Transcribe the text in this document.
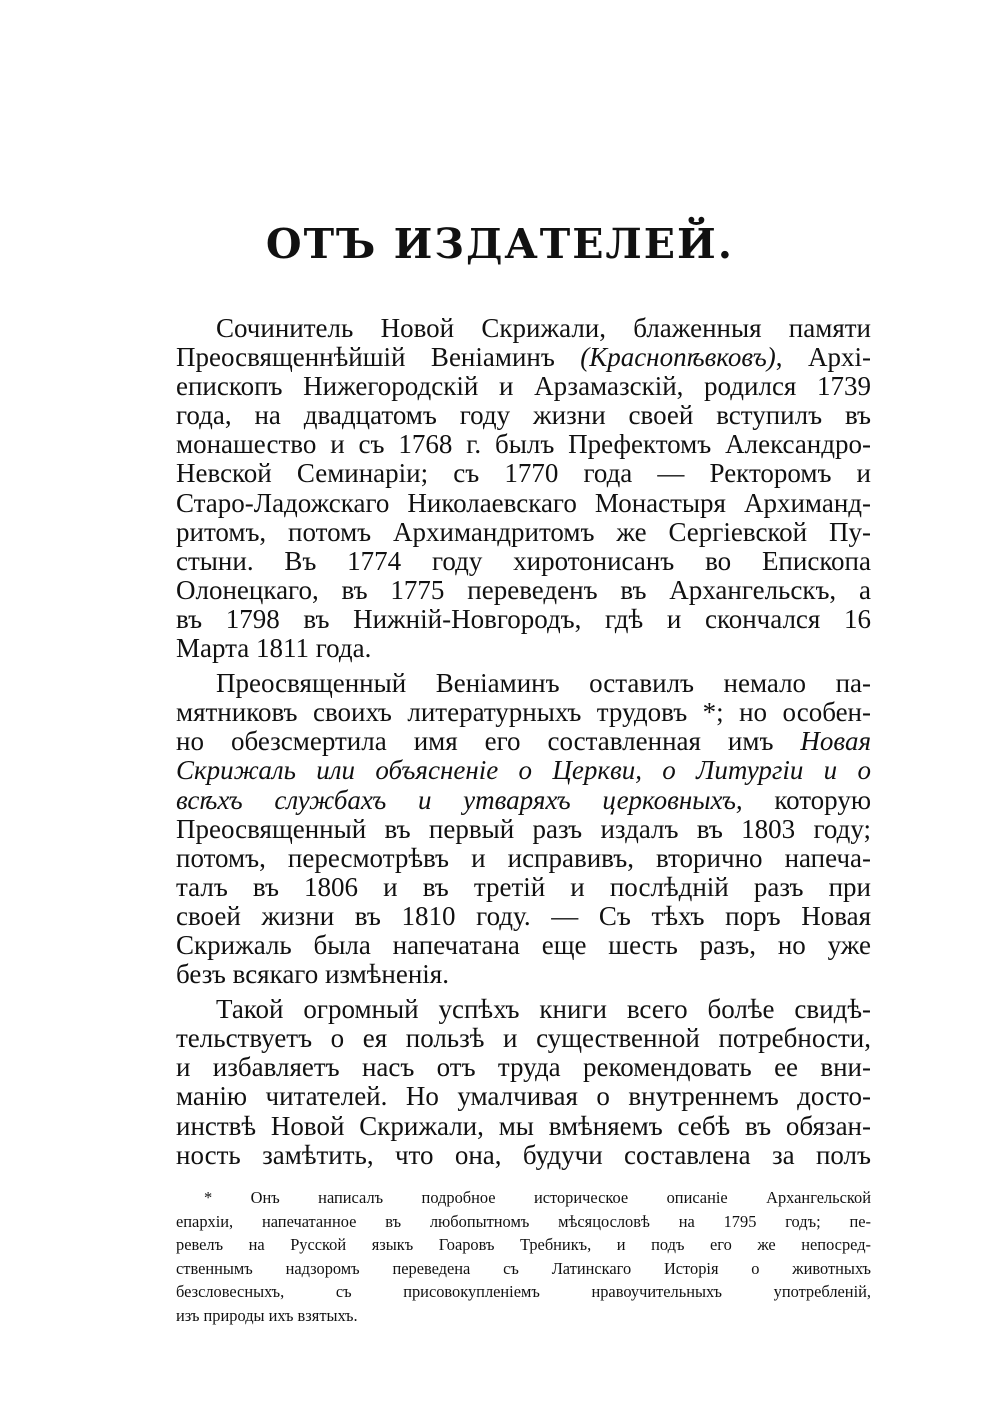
ОТЪ ИЗДАТЕЛЕЙ.
Сочинитель Новой Скрижали, блаженныя памяти
Преосвященнѣйшій Веніаминъ (Краснопѣвковъ), Архі-
епископъ Нижегородскій и Арзамазскій, родился 1739
года, на двадцатомъ году жизни своей вступилъ въ
монашество и съ 1768 г. былъ Префектомъ Александро-
Невской Семинаріи; съ 1770 года — Ректоромъ и
Старо-Ладожскаго Николаевскаго Монастыря Архиманд-
ритомъ, потомъ Архимандритомъ же Сергіевской Пу-
стыни. Въ 1774 году хиротонисанъ во Епископа
Олонецкаго, въ 1775 переведенъ въ Архангельскъ, а
въ 1798 въ Нижній-Новгородъ, гдѣ и скончался 16
Марта 1811 года.
Преосвященный Веніаминъ оставилъ немало па-
мятниковъ своихъ литературныхъ трудовъ *; но особен-
но обезсмертила имя его составленная имъ Новая
Скрижаль или объясненіе о Церкви, о Литургіи и о
всѣхъ службахъ и утваряхъ церковныхъ, которую
Преосвященный въ первый разъ издалъ въ 1803 году;
потомъ, пересмотрѣвъ и исправивъ, вторично напеча-
талъ въ 1806 и въ третій и послѣдній разъ при
своей жизни въ 1810 году. — Съ тѣхъ поръ Новая
Скрижаль была напечатана еще шесть разъ, но уже
безъ всякаго измѣненія.
Такой огромный успѣхъ книги всего болѣе свидѣ-
тельствуетъ о ея пользѣ и существенной потребности,
и избавляетъ насъ отъ труда рекомендовать ее вни-
манію читателей. Но умалчивая о внутреннемъ досто-
инствѣ Новой Скрижали, мы вмѣняемъ себѣ въ обязан-
ность замѣтить, что она, будучи составлена за полъ
* Онъ написалъ подробное историческое описаніе Архангельской
епархіи, напечатанное въ любопытномъ мѣсяцословѣ на 1795 годъ; пе-
ревелъ на Русской языкъ Гоаровъ Требникъ, и подъ его же непосред-
ственнымъ надзоромъ переведена съ Латинскаго Исторія о животныхъ
безсловесныхъ, съ присовокупленіемъ нравоучительныхъ употребленій,
изъ природы ихъ взятыхъ.
